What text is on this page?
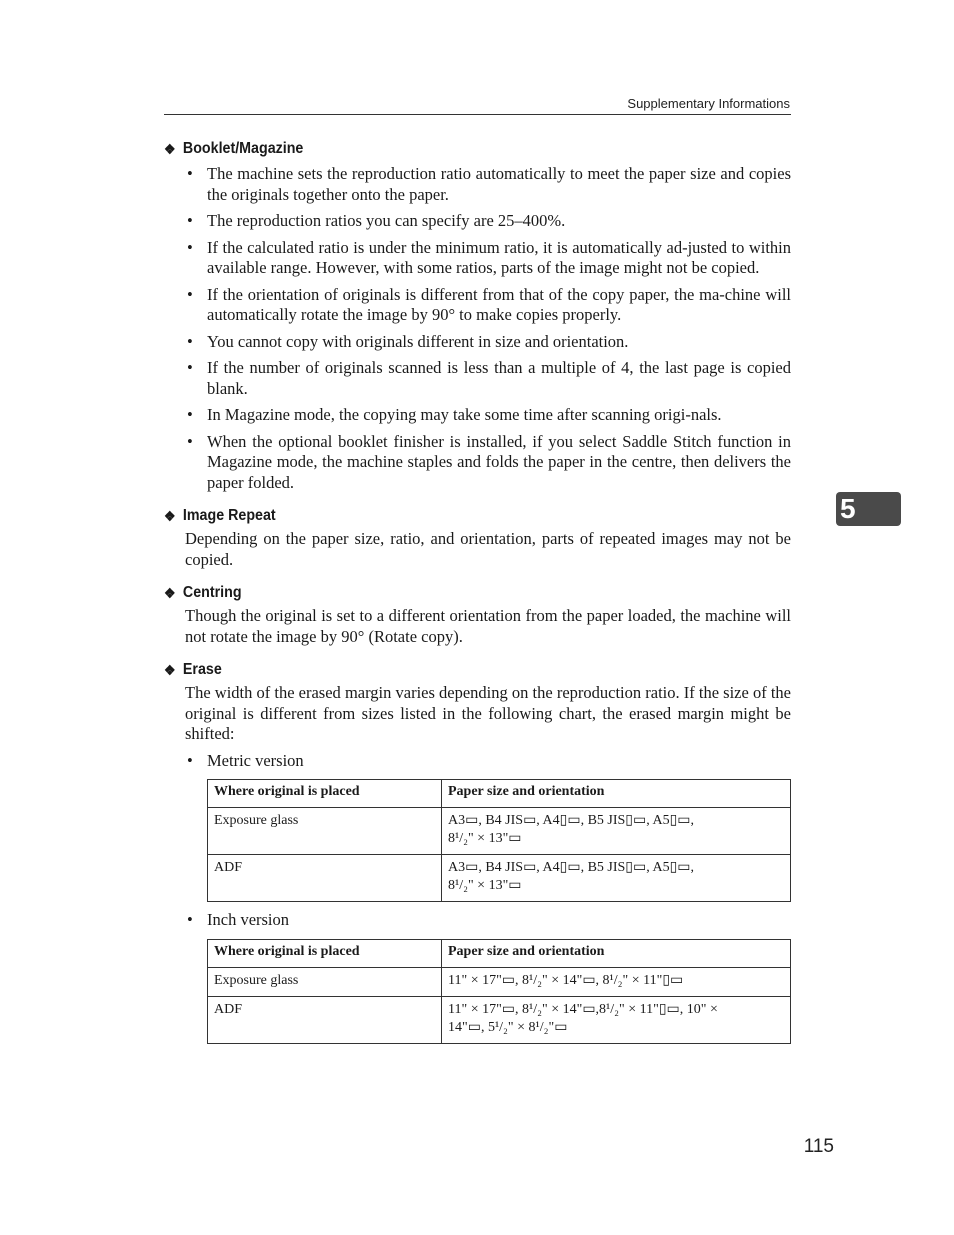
Supplementary Informations
❖ Booklet/Magazine
• The machine sets the reproduction ratio automatically to meet the paper size and copies the originals together onto the paper.
• The reproduction ratios you can specify are 25–400%.
• If the calculated ratio is under the minimum ratio, it is automatically ad-justed to within available range. However, with some ratios, parts of the image might not be copied.
• If the orientation of originals is different from that of the copy paper, the ma-chine will automatically rotate the image by 90° to make copies properly.
• You cannot copy with originals different in size and orientation.
• If the number of originals scanned is less than a multiple of 4, the last page is copied blank.
• In Magazine mode, the copying may take some time after scanning origi-nals.
• When the optional booklet finisher is installed, if you select Saddle Stitch function in Magazine mode, the machine staples and folds the paper in the centre, then delivers the paper folded.
❖ Image Repeat
Depending on the paper size, ratio, and orientation, parts of repeated images may not be copied.
❖ Centring
Though the original is set to a different orientation from the paper loaded, the machine will not rotate the image by 90° (Rotate copy).
❖ Erase
The width of the erased margin varies depending on the reproduction ratio. If the size of the original is different from sizes listed in the following chart, the erased margin might be shifted:
• Metric version
Where original is placed	Paper size and orientation
Exposure glass	A3▭, B4 JIS▭, A4▯▭, B5 JIS▯▭, A5▯▭,
8¹/₂" × 13"▭

ADF	A3▭, B4 JIS▭, A4▯▭, B5 JIS▯▭, A5▯▭,
8¹/₂" × 13"▭
• Inch version
Where original is placed	Paper size and orientation
Exposure glass	11" × 17"▭, 8¹/₂" × 14"▭, 8¹/₂" × 11"▯▭

ADF	11" × 17"▭, 8¹/₂" × 14"▭,8¹/₂" × 11"▯▭, 10" ×
14"▭, 5¹/₂" × 8¹/₂"▭
5
115
